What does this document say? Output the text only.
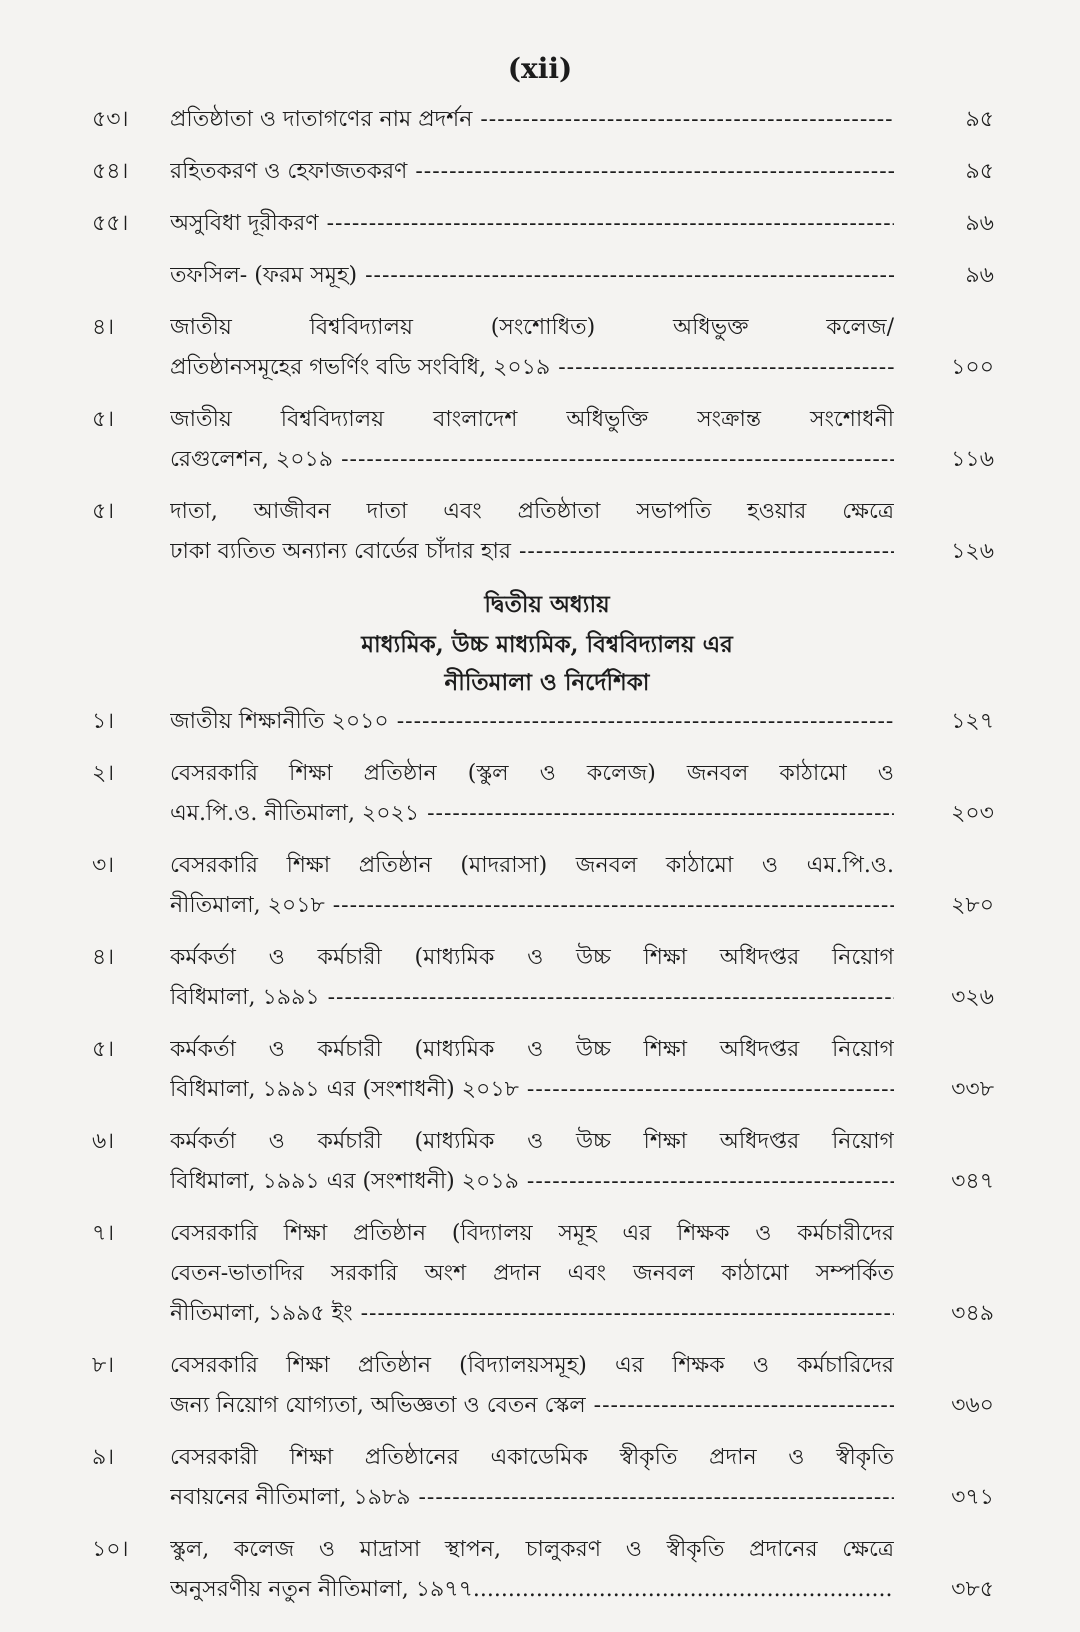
(xii)
৫৩।	প্রতিষ্ঠাতা ও দাতাগণের নাম প্রদর্শন -----	৯৫
৫৪।	রহিতকরণ ও হেফাজতকরণ -----	৯৫
৫৫।	অসুবিধা দূরীকরণ -----	৯৬
তফসিল- (ফরম সমূহ) -----	৯৬
৪।	জাতীয় বিশ্ববিদ্যালয় (সংশোধিত) অধিভুক্ত কলেজ/
প্রতিষ্ঠানসমূহের গভর্ণিং বডি সংবিধি, ২০১৯ -----	১০০
৫।	জাতীয় বিশ্ববিদ্যালয় বাংলাদেশ অধিভুক্তি সংক্রান্ত সংশোধনী
রেগুলেশন, ২০১৯ -----	১১৬
৫।	দাতা, আজীবন দাতা এবং প্রতিষ্ঠাতা সভাপতি হওয়ার ক্ষেত্রে
ঢাকা ব্যতিত অন্যান্য বোর্ডের চাঁদার হার -----	১২৬
দ্বিতীয় অধ্যায়
মাধ্যমিক, উচ্চ মাধ্যমিক, বিশ্ববিদ্যালয় এর
নীতিমালা ও নির্দেশিকা
১।	জাতীয় শিক্ষানীতি ২০১০ -----	১২৭
২।	বেসরকারি শিক্ষা প্রতিষ্ঠান (স্কুল ও কলেজ) জনবল কাঠামো ও
এম.পি.ও. নীতিমালা, ২০২১ -----	২০৩
৩।	বেসরকারি শিক্ষা প্রতিষ্ঠান (মাদরাসা) জনবল কাঠামো ও এম.পি.ও.
নীতিমালা, ২০১৮ -----	২৮০
৪।	কর্মকর্তা ও কর্মচারী (মাধ্যমিক ও উচ্চ শিক্ষা অধিদপ্তর নিয়োগ
বিধিমালা, ১৯৯১ -----	৩২৬
৫।	কর্মকর্তা ও কর্মচারী (মাধ্যমিক ও উচ্চ শিক্ষা অধিদপ্তর নিয়োগ
বিধিমালা, ১৯৯১ এর (সংশাধনী) ২০১৮ -----	৩৩৮
৬।	কর্মকর্তা ও কর্মচারী (মাধ্যমিক ও উচ্চ শিক্ষা অধিদপ্তর নিয়োগ
বিধিমালা, ১৯৯১ এর (সংশাধনী) ২০১৯ -----	৩৪৭
৭।	বেসরকারি শিক্ষা প্রতিষ্ঠান (বিদ্যালয় সমূহ এর শিক্ষক ও কর্মচারীদের
বেতন-ভাতাদির সরকারি অংশ প্রদান এবং জনবল কাঠামো সম্পর্কিত
নীতিমালা, ১৯৯৫ ইং -----	৩৪৯
৮।	বেসরকারি শিক্ষা প্রতিষ্ঠান (বিদ্যালয়সমূহ) এর শিক্ষক ও কর্মচারিদের
জন্য নিয়োগ যোগ্যতা, অভিজ্ঞতা ও বেতন স্কেল -----	৩৬০
৯।	বেসরকারী শিক্ষা প্রতিষ্ঠানের একাডেমিক স্বীকৃতি প্রদান ও স্বীকৃতি
নবায়নের নীতিমালা, ১৯৮৯ -----	৩৭১
১০।	স্কুল, কলেজ ও মাদ্রাসা স্থাপন, চালুকরণ ও স্বীকৃতি প্রদানের ক্ষেত্রে
অনুসরণীয় নতুন নীতিমালা, ১৯৭৭ .....	৩৮৫
